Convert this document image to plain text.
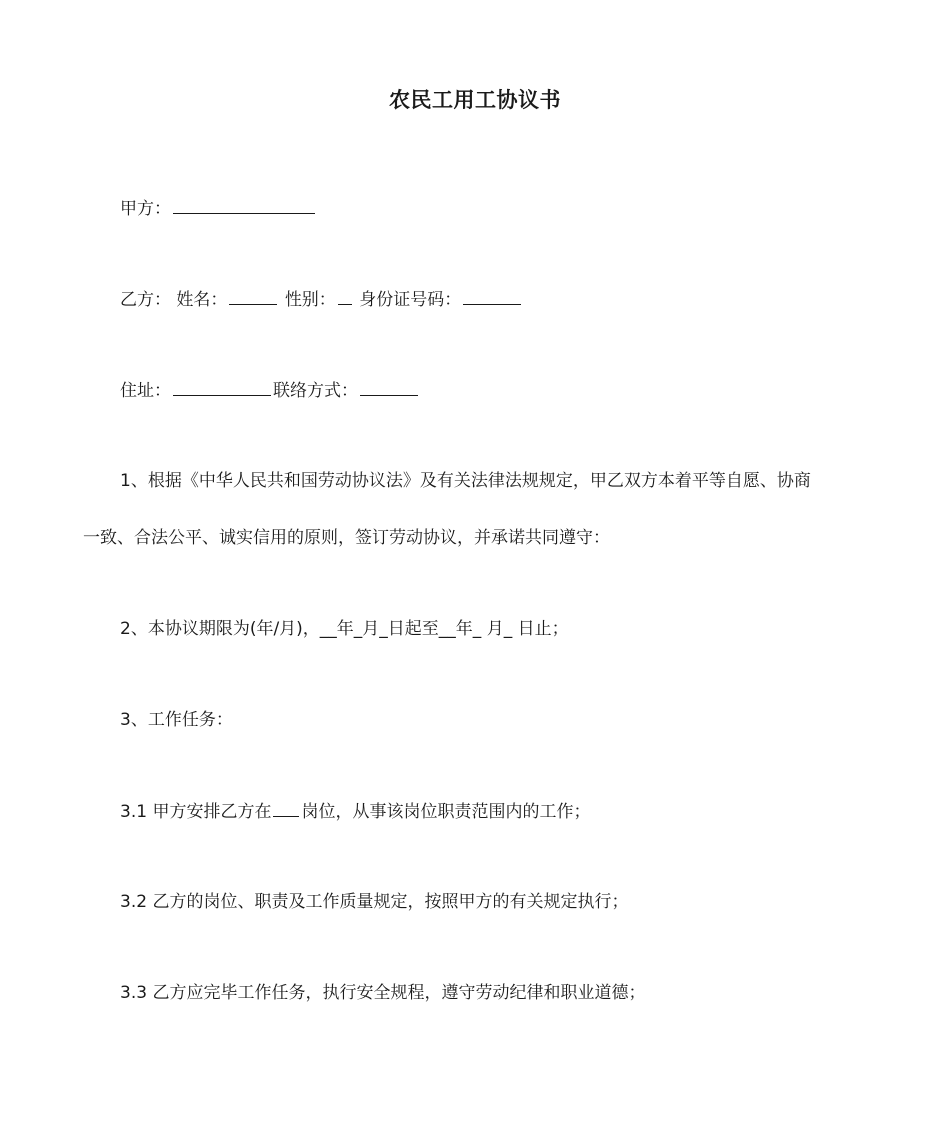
农民工用工协议书
甲方：
乙方： 姓名：	性别： 身份证号码：
住址：	联络方式：
1、根据《中华人民共和国劳动协议法》及有关法律法规规定，甲乙双方本着平等自愿、协商
一致、合法公平、诚实信用的原则，签订劳动协议，并承诺共同遵守：
2、本协议期限为(年/月)，__年_月_日起至__年_ 月_ 日止；
3、工作任务：
3.1 甲方安排乙方在 岗位，从事该岗位职责范围内的工作；
3.2 乙方的岗位、职责及工作质量规定，按照甲方的有关规定执行；
3.3 乙方应完毕工作任务，执行安全规程，遵守劳动纪律和职业道德；
